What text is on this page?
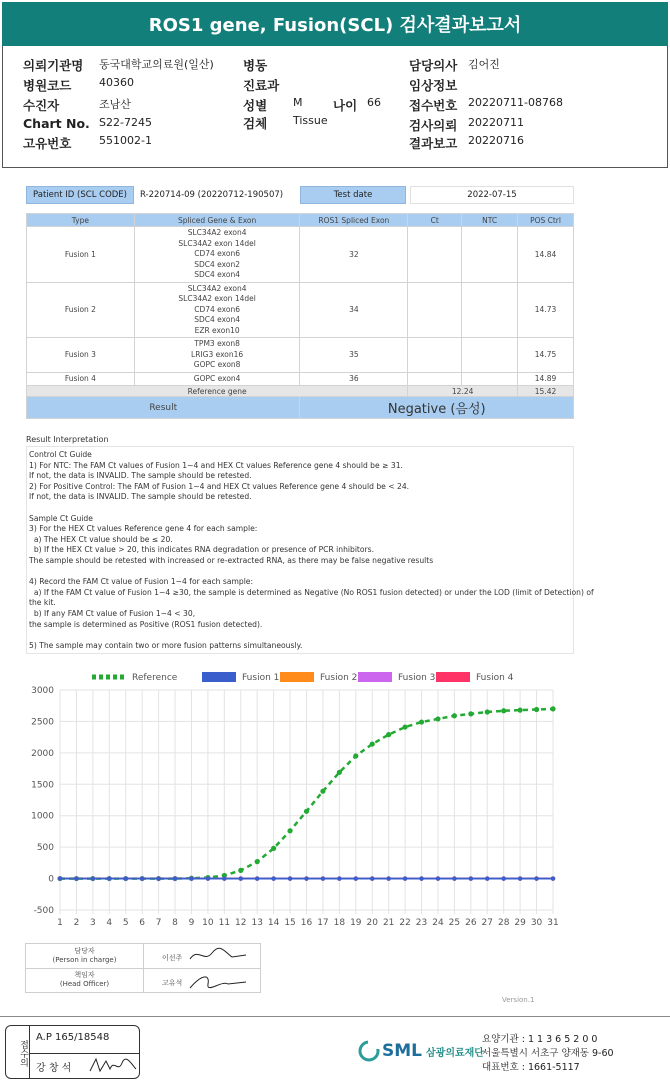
ROS1 gene, Fusion(SCL) 검사결과보고서
의뢰기관명 동국대학교의료원(일산)
병원코드	40360
수진자	조남산
Chart No. S22-7245
고유번호	551002-1
병동
진료과
성별 M 나이 66
검체 Tissue
담당의사 김어진
임상정보
접수번호 20220711-08768
검사의뢰 20220711
결과보고 20220716
Patient ID (SCL CODE)	R-220714-09 (20220712-190507)	Test date	2022-07-15
Type	Spliced Gene & Exon	ROS1 Spliced Exon	Ct	NTC	POS Ctrl
Fusion 1	SLC34A2 exon4
SLC34A2 exon 14del
CD74 exon6
SDC4 exon2
SDC4 exon4	32			14.84
Fusion 2	SLC34A2 exon4
SLC34A2 exon 14del
CD74 exon6
SDC4 exon4
EZR exon10	34			14.73
Fusion 3	TPM3 exon8
LRIG3 exon16
GOPC exon8	35			14.75
Fusion 4	GOPC exon4	36			14.89
Reference gene			12.24		15.42
Result		Negative (음성)			
Result Interpretation
Control Ct Guide
1) For NTC: The FAM Ct values of Fusion 1~4 and HEX Ct values Reference gene 4 should be ≥ 31.
If not, the data is INVALID. The sample should be retested.
2) For Positive Control: The FAM of Fusion 1~4 and HEX Ct values Reference gene 4 should be < 24.
If not, the data is INVALID. The sample should be retested.
Sample Ct Guide
3) For the HEX Ct values Reference gene 4 for each sample:
a) The HEX Ct value should be ≤ 20.
b) If the HEX Ct value > 20, this indicates RNA degradation or presence of PCR inhibitors.
The sample should be retested with increased or re-extracted RNA, as there may be false negative results
4) Record the FAM Ct value of Fusion 1~4 for each sample:
a) If the FAM Ct value of Fusion 1~4 ≥30, the sample is determined as Negative (No ROS1 fusion detected) or under the LOD (limit of Detection) of
the kit.
b) If any FAM Ct value of Fusion 1~4 < 30,
the sample is determined as Positive (ROS1 fusion detected).
5) The sample may contain two or more fusion patterns simultaneously.
-500
0
500
1000
1500
2000
2500
3000
1 2 3 4 5 6 7 8 9 10 11 12 13 14 15 16 17 18 19 20 21 22 23 24 25 26 27 28 29 30 31
Reference	Fusion 1	Fusion 2	Fusion 3	Fusion 4
담당자
(Person in charge)	이선주

책임자
(Head Officer)	고유석
Version.1
접수의
A.P 165/18548
강 창 석
SML 삼광의료재단
요양기관 : 1 1 3 6 5 2 0 0
서울특별시 서초구 양재동 9-60
대표번호 : 1661-5117
